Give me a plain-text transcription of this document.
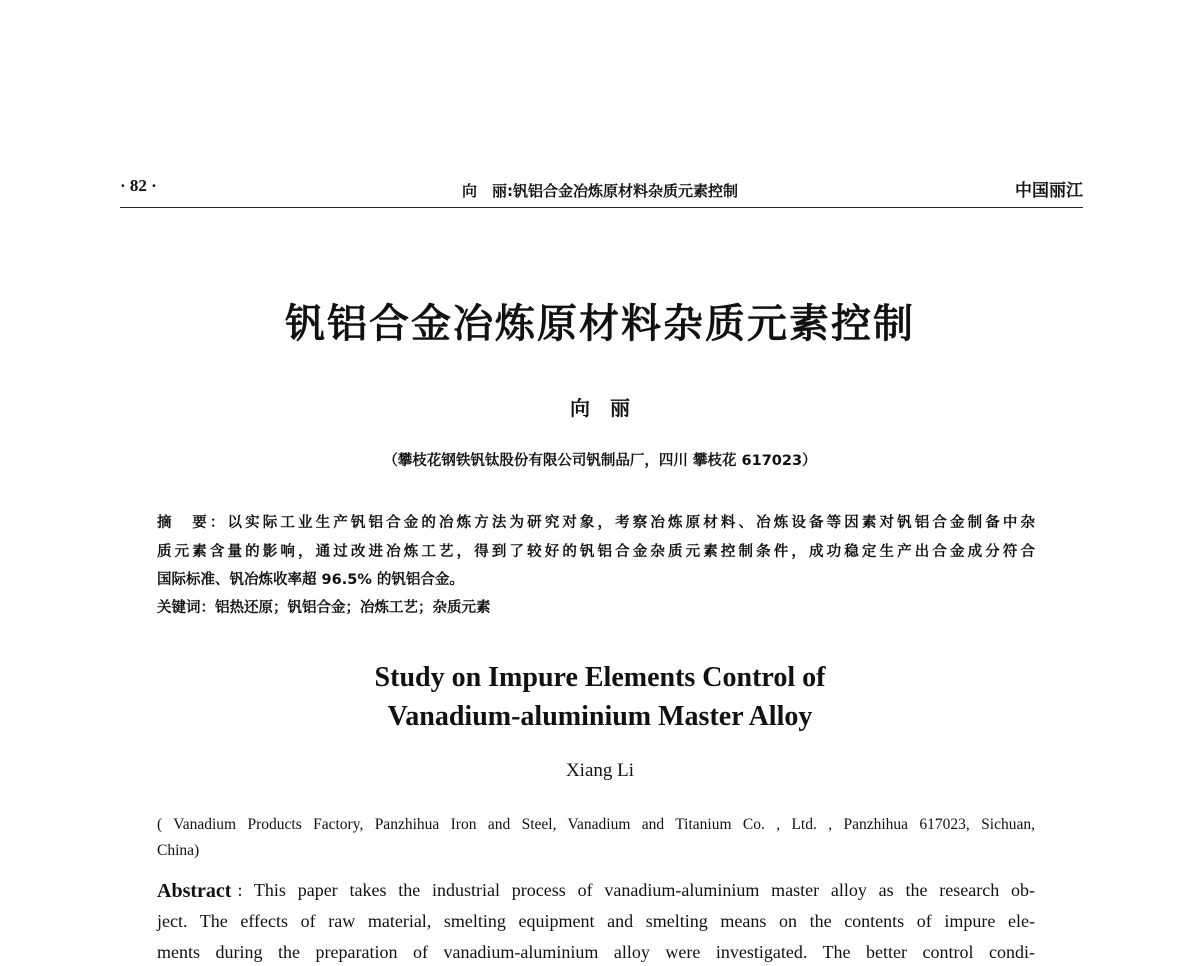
· 82 ·	向　丽:钒铝合金冶炼原材料杂质元素控制	中国丽江
钒铝合金冶炼原材料杂质元素控制
向　丽
（攀枝花钢铁钒钛股份有限公司钒制品厂，四川 攀枝花 617023）
摘　要：以实际工业生产钒铝合金的冶炼方法为研究对象，考察冶炼原材料、冶炼设备等因素对钒铝合金制备中杂
质元素含量的影响，通过改进冶炼工艺，得到了较好的钒铝合金杂质元素控制条件，成功稳定生产出合金成分符合
国际标准、钒冶炼收率超 96.5% 的钒铝合金。
关键词：铝热还原；钒铝合金；冶炼工艺；杂质元素
Study on Impure Elements Control of
Vanadium-aluminium Master Alloy
Xiang Li
( Vanadium Products Factory, Panzhihua Iron and Steel, Vanadium and Titanium Co. , Ltd. , Panzhihua 617023, Sichuan,
China)
Abstract : This paper takes the industrial process of vanadium-aluminium master alloy as the research ob-
ject. The effects of raw material, smelting equipment and smelting means on the contents of impure ele-
ments during the preparation of vanadium-aluminium alloy were investigated. The better control condi-
